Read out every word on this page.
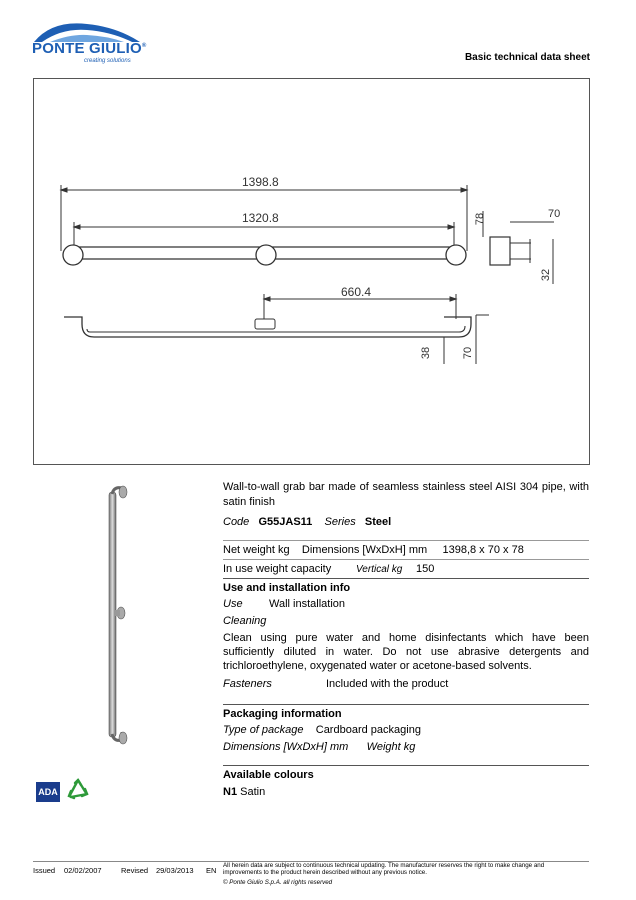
PONTE GIULIO®
creating solutions	Basic technical data sheet
1398.8
1320.8
660.4
78	70
32
38	70
ADA
Wall-to-wall grab bar made of seamless stainless steel AISI 304 pipe, with satin finish
Code G55JAS11 Series Steel
Net weight kg Dimensions [WxDxH] mm 1398,8 x 70 x 78
In use weight capacity Vertical kg 150
Use and installation info
Use Wall installation
Cleaning
Clean using pure water and home disinfectants which have been sufficiently diluted in water. Do not use abrasive detergents and trichloroethylene, oxygenated water or acetone-based solvents.
Fasteners	Included with the product
Packaging information
Type of package Cardboard packaging
Dimensions [WxDxH] mm Weight kg
Available colours
N1 Satin
Issued 02/02/2007	Revised 29/03/2013 EN
All herein data are subject to continuous technical updating. The manufacturer reserves the right to make change and improvements to the product herein described without any previous notice.
© Ponte Giulio S.p.A. all rights reserved
